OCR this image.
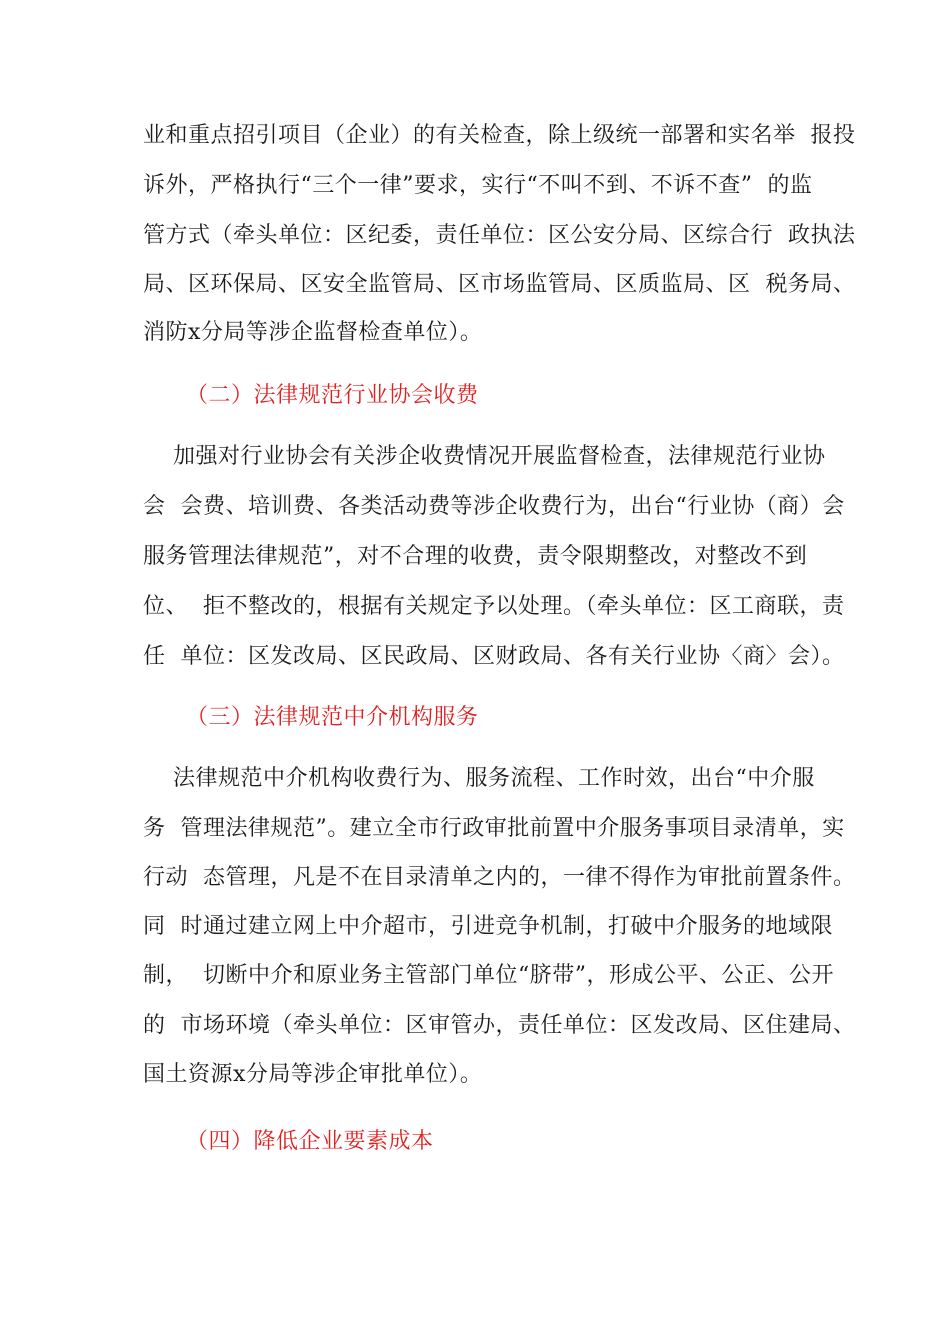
业和重点招引项目（企业）的有关检查，除上级统一部署和实名举  报投
诉外，严格执行“三个一律”要求，实行“不叫不到、不诉不查”  的监
管方式（牵头单位：区纪委，责任单位：区公安分局、区综合行  政执法
局、区环保局、区安全监管局、区市场监管局、区质监局、区  税务局、
消防x分局等涉企监督检查单位）。
（二）法律规范行业协会收费
加强对行业协会有关涉企收费情况开展监督检查，法律规范行业协
会  会费、培训费、各类活动费等涉企收费行为，出台“行业协（商）会
服务管理法律规范”，对不合理的收费，责令限期整改，对整改不到
位、  拒不整改的，根据有关规定予以处理。（牵头单位：区工商联，责
任  单位：区发改局、区民政局、区财政局、各有关行业协〈商〉会）。
（三）法律规范中介机构服务
法律规范中介机构收费行为、服务流程、工作时效，出台“中介服
务  管理法律规范”。建立全市行政审批前置中介服务事项目录清单，实
行动  态管理，凡是不在目录清单之内的，一律不得作为审批前置条件。
同  时通过建立网上中介超市，引进竞争机制，打破中介服务的地域限
制，  切断中介和原业务主管部门单位“脐带”，形成公平、公正、公开
的  市场环境（牵头单位：区审管办，责任单位：区发改局、区住建局、
国土资源x分局等涉企审批单位）。
（四）降低企业要素成本
